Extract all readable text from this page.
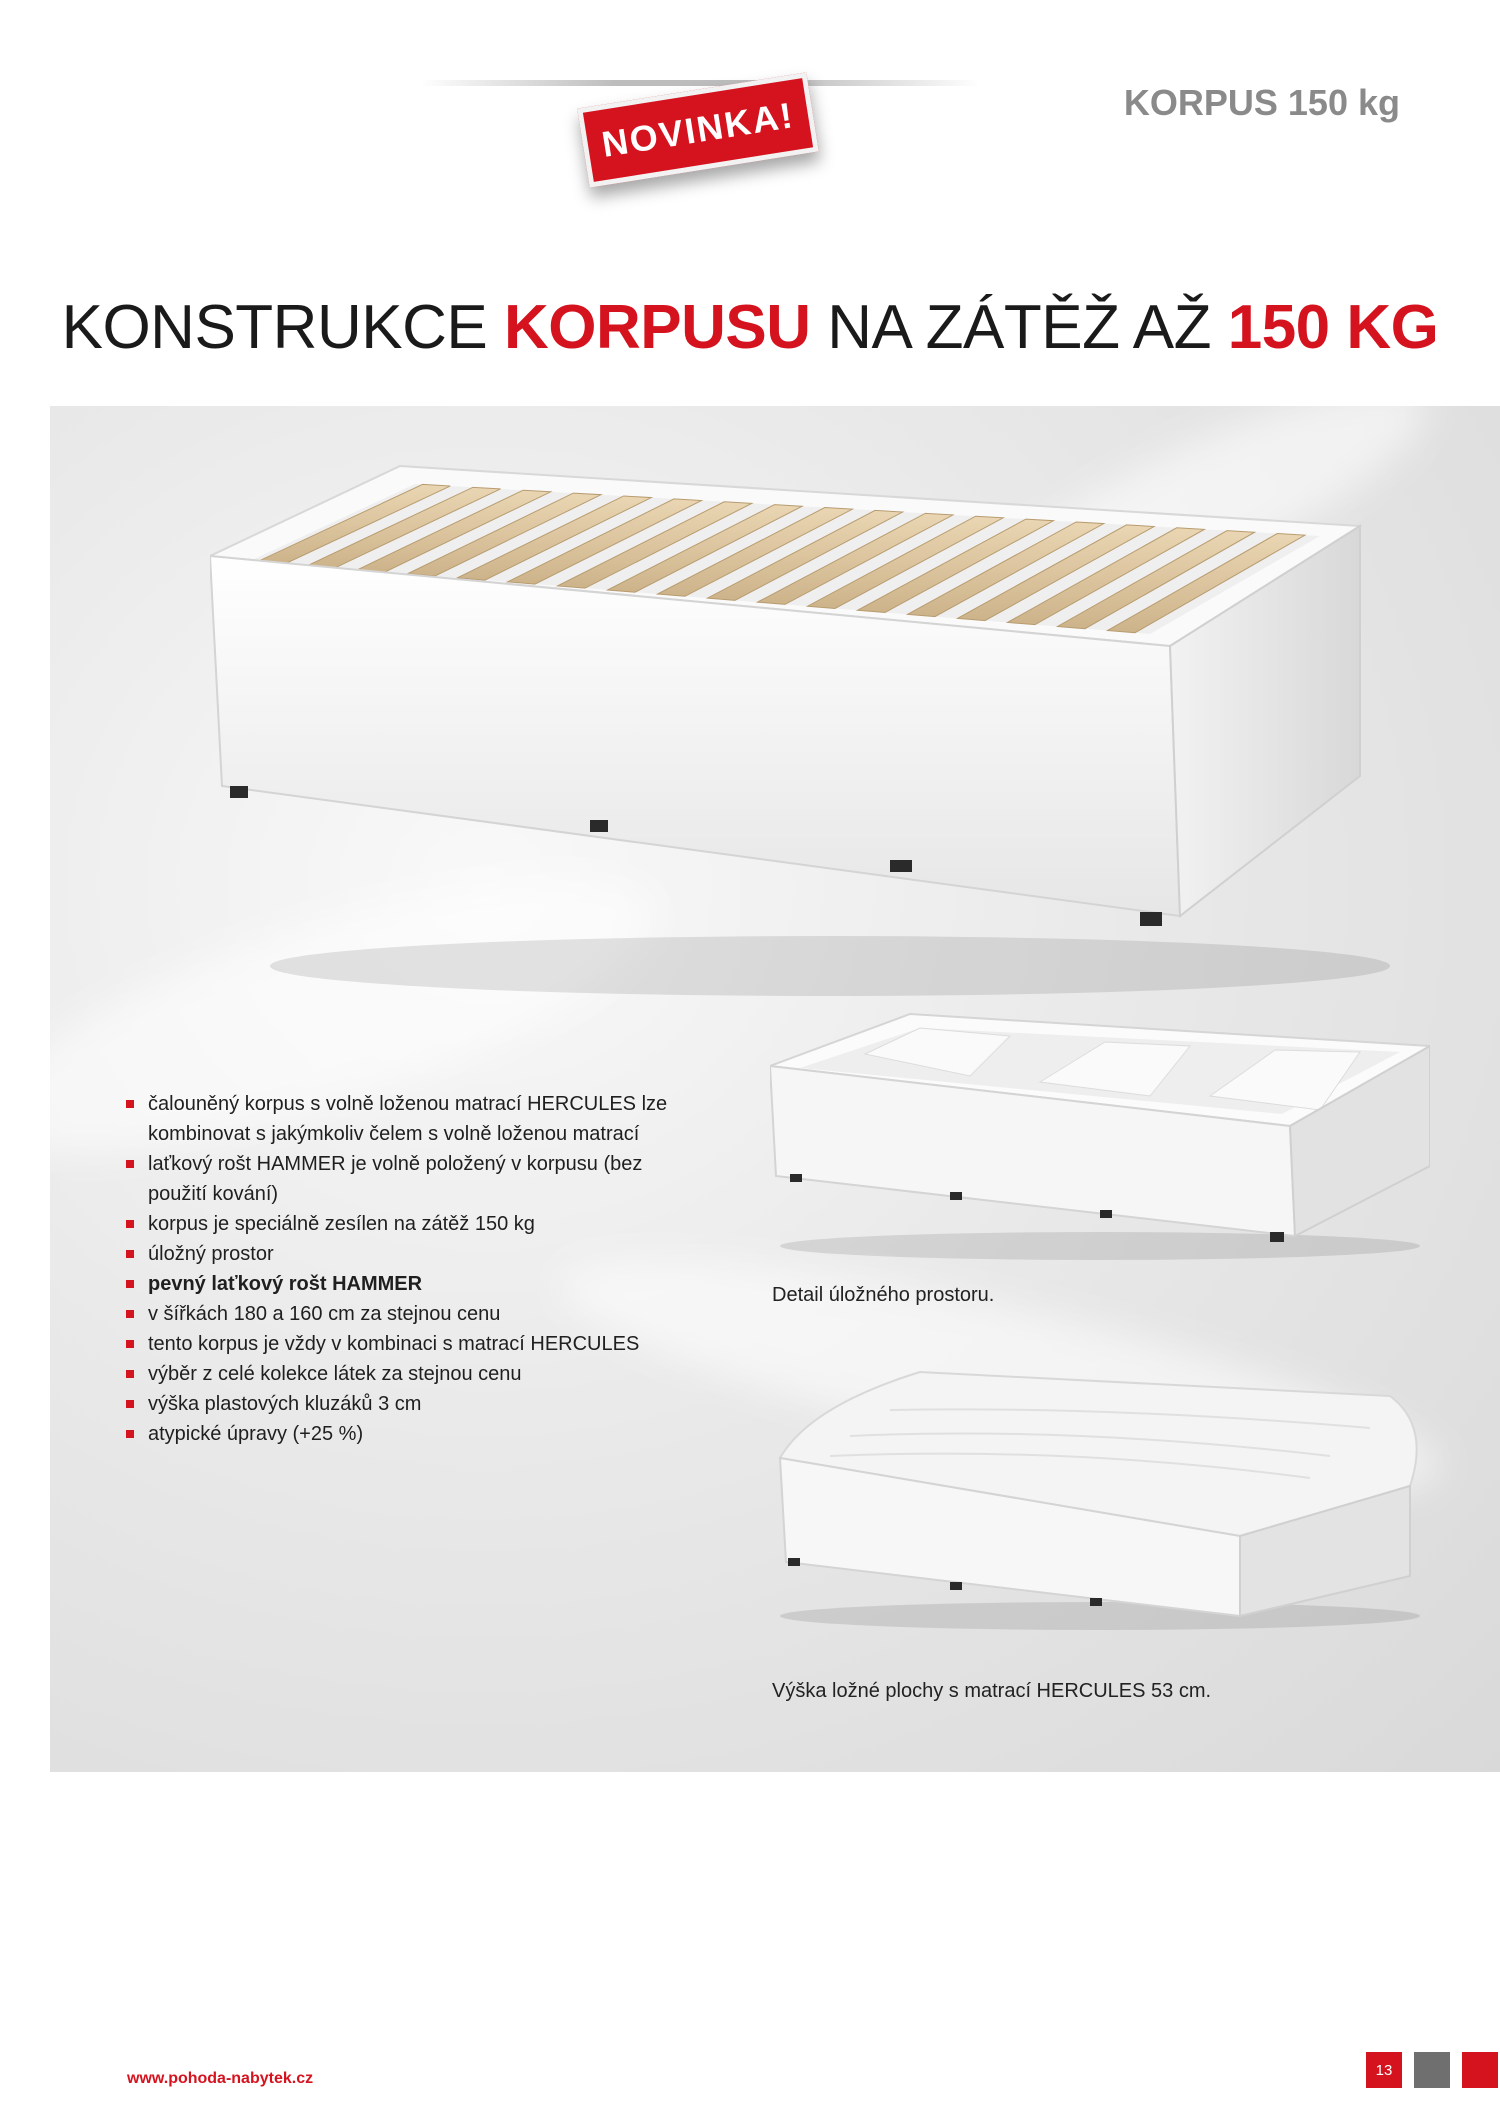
NOVINKA!	KORPUS 150 kg
KONSTRUKCE KORPUSU NA ZÁTĚŽ AŽ 150 KG
Detail úložného prostoru.
Výška ložné plochy s matrací HERCULES 53 cm.
čalouněný korpus s volně loženou matrací HERCULES lze kombinovat s jakýmkoliv čelem s volně loženou matrací
laťkový rošt HAMMER je volně položený v korpusu (bez použití kování)
korpus je speciálně zesílen na zátěž 150 kg
úložný prostor
pevný laťkový rošt HAMMER
v šířkách 180 a 160 cm za stejnou cenu
tento korpus je vždy v kombinaci s matrací HERCULES
výběr z celé kolekce látek za stejnou cenu
výška plastových kluzáků 3 cm
atypické úpravy (+25 %)
www.pohoda-nabytek.cz	13
